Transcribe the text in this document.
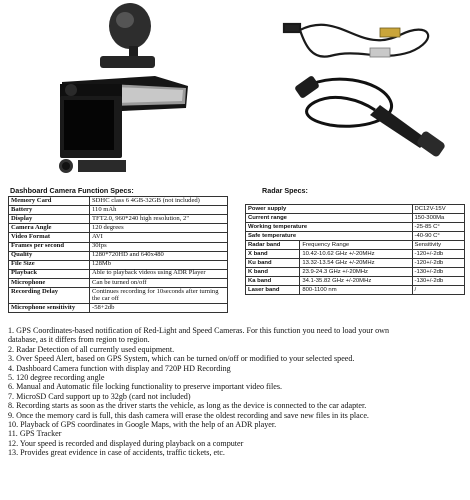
Dashboard Camera Function Specs:
Memory Card	SDHC class 6 4GB-32GB (not included)
Battery	110 mAh
Display	TFT2.0, 960*240 high resolution, 2"
Camera Angle	120 degrees
Video Format	AVI
Frames per second	30fps
Quality	1280*720HD and 640x480
File Size	128Mb
Playback	Able to playback videos using ADR Player
Microphone	Can be turned on/off
Recording Delay	Continues recording for 10seconds after turning the car off
Microphone sensitivity	-58+2db
Radar Specs:
Power supply		DC12V-15V
Current range		150-300Ma
Working temperature		-25-85 C°
Safe temperature		-40-90 C°
Radar band	Frequency Range	Sensitivity
X band	10.42-10.62 GHz +/-20MHz	-120+/-2db
Ku band	13.32-13.54 GHz +/-20MHz	-120+/-2db
K band	23.9-24.3 GHz +/-20MHz	-130+/-2db
Ka band	34.1-35.82 GHz +/-20MHz	-130+/-2db
Laser band	800-1100 nm	/
1. GPS Coordinates-based notification of Red-Light and Speed Cameras. For this function you need to load your own
database, as it differs from region to region.
2. Radar Detection of all currently used equipment.
3. Over Speed Alert, based on GPS System, which can be turned on/off or modified to your selected speed.
4. Dashboard Camera function with display and 720P HD Recording
5. 120 degree recording angle
6. Manual and Automatic file locking functionality to preserve important video files.
7. MicroSD Card support up to 32gb (card not included)
8. Recording starts as soon as the driver starts the vehicle, as long as the device is connected to the car adapter.
9. Once the memory card is full, this dash camera will erase the oldest recording and save new files in its place.
10. Playback of GPS coordinates in Google Maps, with the help of an ADR player.
11. GPS Tracker
12. Your speed is recorded and displayed during playback on a computer
13. Provides great evidence in case of accidents, traffic tickets, etc.
